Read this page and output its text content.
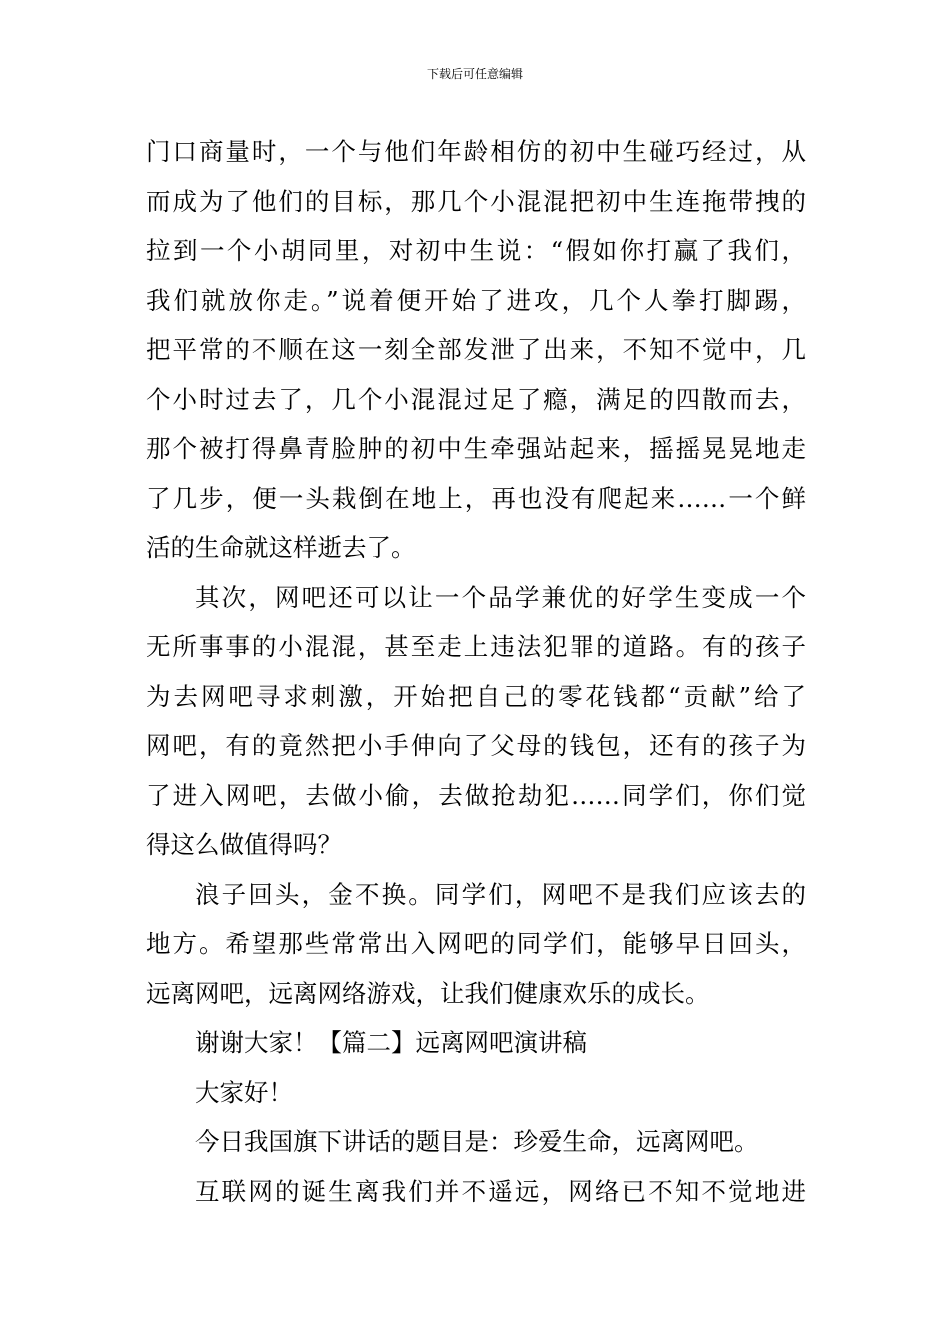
下载后可任意编辑

门口商量时，一个与他们年龄相仿的初中生碰巧经过，从
而成为了他们的目标，那几个小混混把初中生连拖带拽的
拉到一个小胡同里，对初中生说：“假如你打赢了我们，
我们就放你走。”说着便开始了进攻，几个人拳打脚踢，
把平常的不顺在这一刻全部发泄了出来，不知不觉中，几
个小时过去了，几个小混混过足了瘾，满足的四散而去，
那个被打得鼻青脸肿的初中生牵强站起来，摇摇晃晃地走
了几步，便一头栽倒在地上，再也没有爬起来……一个鲜
活的生命就这样逝去了。

其次，网吧还可以让一个品学兼优的好学生变成一个
无所事事的小混混，甚至走上违法犯罪的道路。有的孩子
为去网吧寻求刺激，开始把自己的零花钱都“贡献”给了
网吧，有的竟然把小手伸向了父母的钱包，还有的孩子为
了进入网吧，去做小偷，去做抢劫犯……同学们，你们觉
得这么做值得吗？

浪子回头，金不换。同学们，网吧不是我们应该去的
地方。希望那些常常出入网吧的同学们，能够早日回头，
远离网吧，远离网络游戏，让我们健康欢乐的成长。

谢谢大家！【篇二】远离网吧演讲稿

大家好！

今日我国旗下讲话的题目是：珍爱生命，远离网吧。

互联网的诞生离我们并不遥远，网络已不知不觉地进
